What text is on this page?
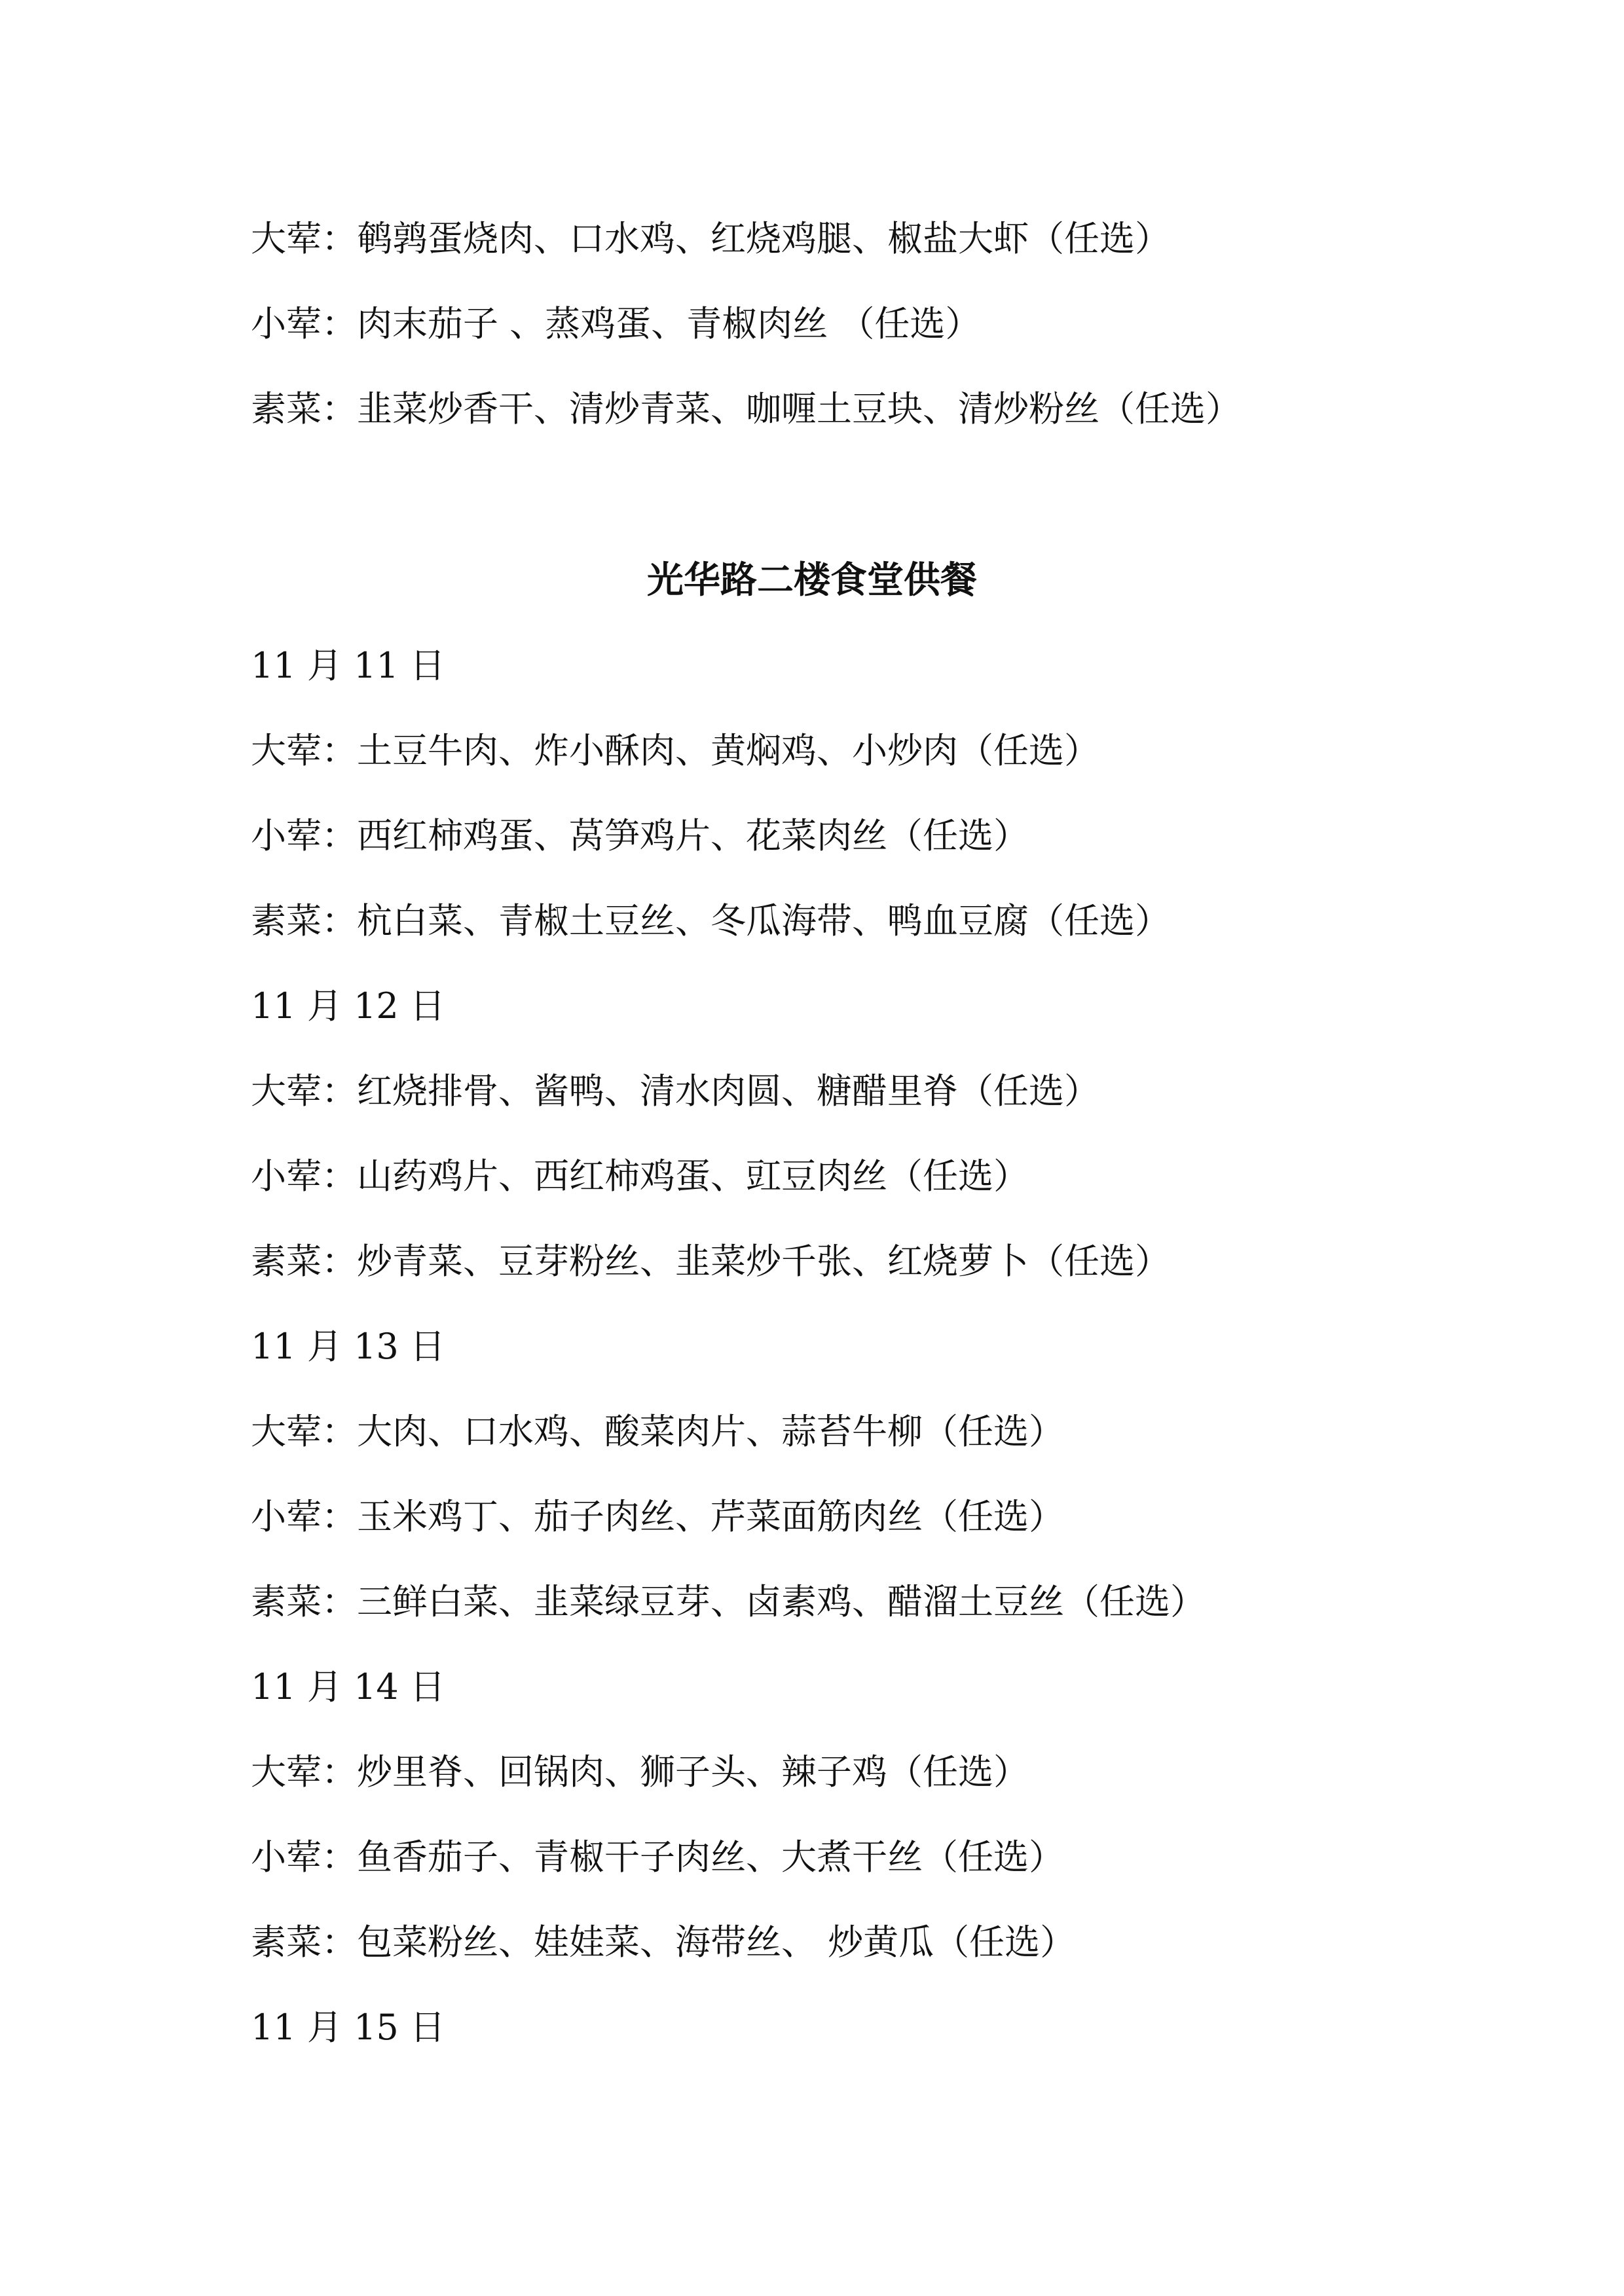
大荤：鹌鹑蛋烧肉、口水鸡、红烧鸡腿、椒盐大虾（任选）

小荤：肉末茄子 、蒸鸡蛋、青椒肉丝 （任选）

素菜：韭菜炒香干、清炒青菜、咖喱土豆块、清炒粉丝（任选）

光华路二楼食堂供餐

11 月 11 日

大荤：土豆牛肉、炸小酥肉、黄焖鸡、小炒肉（任选）

小荤：西红柿鸡蛋、莴笋鸡片、花菜肉丝（任选）

素菜：杭白菜、青椒土豆丝、冬瓜海带、鸭血豆腐（任选）

11 月 12 日

大荤：红烧排骨、酱鸭、清水肉圆、糖醋里脊（任选）

小荤：山药鸡片、西红柿鸡蛋、豇豆肉丝（任选）

素菜：炒青菜、豆芽粉丝、韭菜炒千张、红烧萝卜（任选）

11 月 13 日

大荤：大肉、口水鸡、酸菜肉片、蒜苔牛柳（任选）

小荤：玉米鸡丁、茄子肉丝、芹菜面筋肉丝（任选）

素菜：三鲜白菜、韭菜绿豆芽、卤素鸡、醋溜土豆丝（任选）

11 月 14 日

大荤：炒里脊、回锅肉、狮子头、辣子鸡（任选）

小荤：鱼香茄子、青椒干子肉丝、大煮干丝（任选）

素菜：包菜粉丝、娃娃菜、海带丝、 炒黄瓜（任选）

11 月 15 日
